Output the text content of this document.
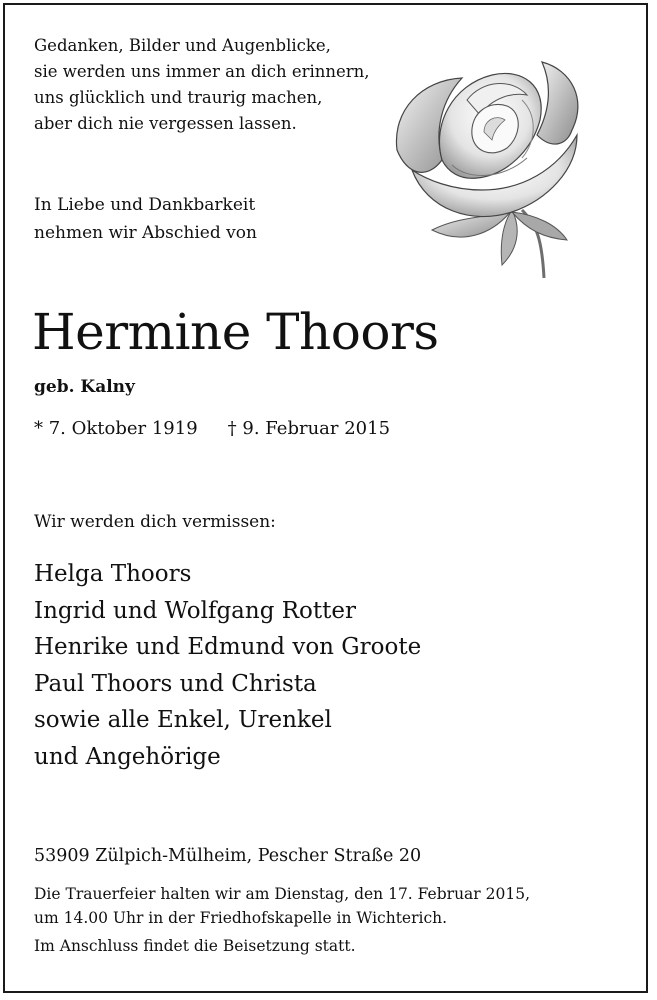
Gedanken, Bilder und Augenblicke,
sie werden uns immer an dich erinnern,
uns glücklich und traurig machen,
aber dich nie vergessen lassen.
In Liebe und Dankbarkeit
nehmen wir Abschied von
Hermine Thoors
geb. Kalny
* 7. Oktober 1919 † 9. Februar 2015
Wir werden dich vermissen:
Helga Thoors
Ingrid und Wolfgang Rotter
Henrike und Edmund von Groote
Paul Thoors und Christa
sowie alle Enkel, Urenkel
und Angehörige
53909 Zülpich-Mülheim, Pescher Straße 20
Die Trauerfeier halten wir am Dienstag, den 17. Februar 2015,
um 14.00 Uhr in der Friedhofskapelle in Wichterich.
Im Anschluss findet die Beisetzung statt.
